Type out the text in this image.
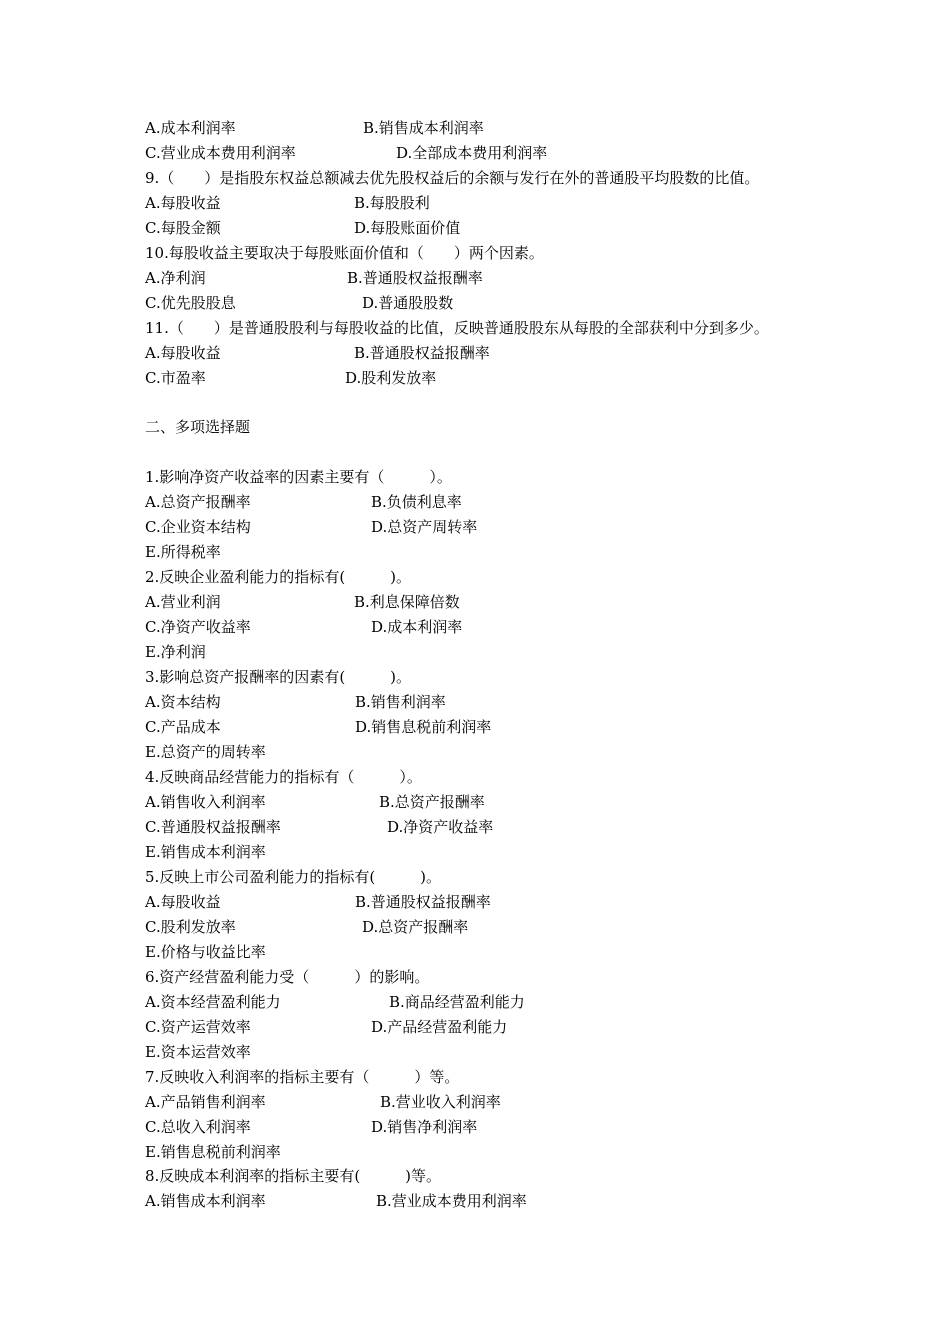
A.成本利润率	B.销售成本利润率
C.营业成本费用利润率	D.全部成本费用利润率
9.（　　）是指股东权益总额减去优先股权益后的余额与发行在外的普通股平均股数的比值。
A.每股收益	B.每股股利
C.每股金额	D.每股账面价值
10.每股收益主要取决于每股账面价值和（　　）两个因素。
A.净利润	B.普通股权益报酬率
C.优先股股息	D.普通股股数
11.（　　）是普通股股利与每股收益的比值，反映普通股股东从每股的全部获利中分到多少。
A.每股收益	B.普通股权益报酬率
C.市盈率	D.股利发放率
二、多项选择题
1.影响净资产收益率的因素主要有（　　　）。
A.总资产报酬率	B.负债利息率
C.企业资本结构	D.总资产周转率
E.所得税率
2.反映企业盈利能力的指标有(　　　)。
A.营业利润	B.利息保障倍数
C.净资产收益率	D.成本利润率
E.净利润
3.影响总资产报酬率的因素有(　　　)。
A.资本结构	B.销售利润率
C.产品成本	D.销售息税前利润率
E.总资产的周转率
4.反映商品经营能力的指标有（　　　）。
A.销售收入利润率	B.总资产报酬率
C.普通股权益报酬率	D.净资产收益率
E.销售成本利润率
5.反映上市公司盈利能力的指标有(　　　)。
A.每股收益	B.普通股权益报酬率
C.股利发放率	D.总资产报酬率
E.价格与收益比率
6.资产经营盈利能力受（　　　）的影响。
A.资本经营盈利能力	B.商品经营盈利能力
C.资产运营效率	D.产品经营盈利能力
E.资本运营效率
7.反映收入利润率的指标主要有（　　　）等。
A.产品销售利润率	B.营业收入利润率
C.总收入利润率	D.销售净利润率
E.销售息税前利润率
8.反映成本利润率的指标主要有(　　　)等。
A.销售成本利润率	B.营业成本费用利润率
